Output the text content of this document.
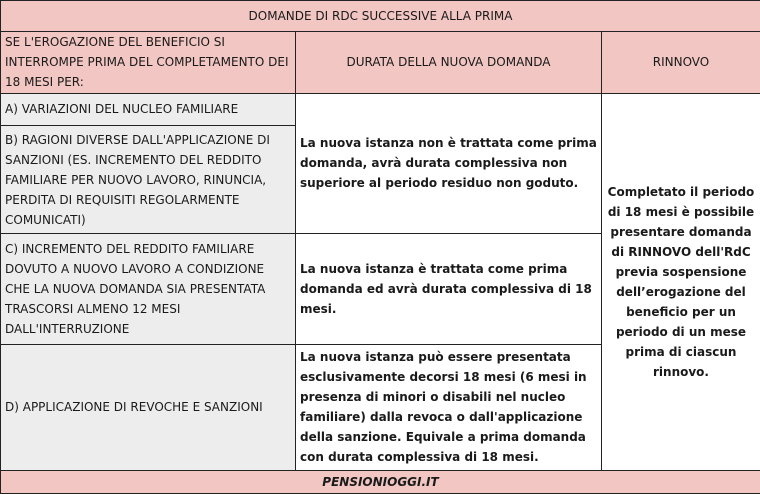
DOMANDE DI RDC SUCCESSIVE ALLA PRIMA		
SE L'EROGAZIONE DEL BENEFICIO SI INTERROMPE PRIMA DEL COMPLETAMENTO DEI 18 MESI PER:	DURATA DELLA NUOVA DOMANDA	RINNOVO
A) VARIAZIONI DEL NUCLEO FAMILIARE	La nuova istanza non è trattata come prima domanda, avrà durata complessiva non superiore al periodo residuo non goduto.	Completato il periodo di 18 mesi è possibile presentare domanda di RINNOVO dell'RdC previa sospensione dell’erogazione del beneficio per un periodo di un mese prima di ciascun rinnovo.
B) RAGIONI DIVERSE DALL'APPLICAZIONE DI SANZIONI (ES. INCREMENTO DEL REDDITO FAMILIARE PER NUOVO LAVORO, RINUNCIA, PERDITA DI REQUISITI REGOLARMENTE COMUNICATI)		
C) INCREMENTO DEL REDDITO FAMILIARE DOVUTO A NUOVO LAVORO A CONDIZIONE CHE LA NUOVA DOMANDA SIA PRESENTATA TRASCORSI ALMENO 12 MESI DALL'INTERRUZIONE	La nuova istanza è trattata come prima domanda ed avrà durata complessiva di 18 mesi.	
D) APPLICAZIONE DI REVOCHE E SANZIONI	La nuova istanza può essere presentata esclusivamente decorsi 18 mesi (6 mesi in presenza di minori o disabili nel nucleo familiare) dalla revoca o dall'applicazione della sanzione. Equivale a prima domanda con durata complessiva di 18 mesi.	
PENSIONIOGGI.IT		
